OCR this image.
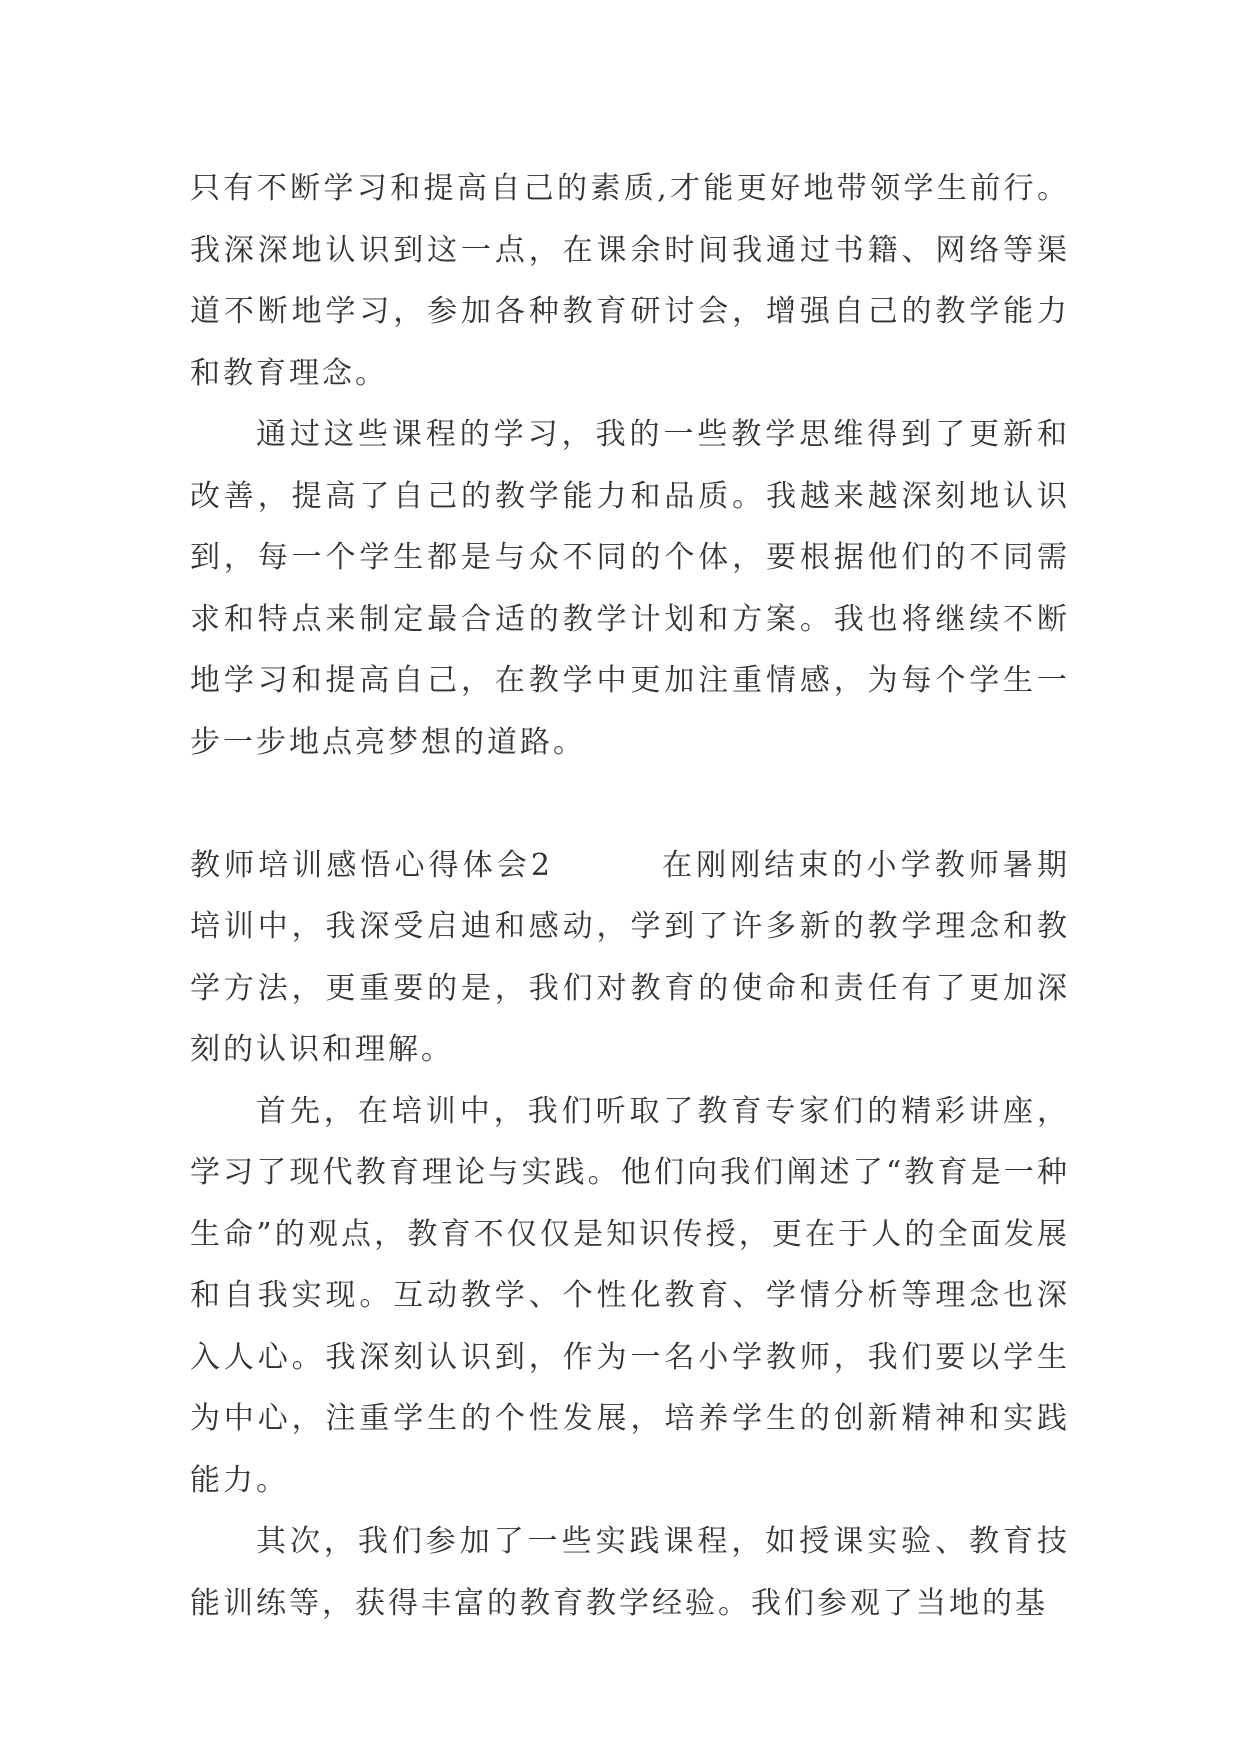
只有不断学习和提高自己的素质,才能更好地带领学生前行。我深深地认识到这一点，在课余时间我通过书籍、网络等渠道不断地学习，参加各种教育研讨会，增强自己的教学能力和教育理念。

通过这些课程的学习，我的一些教学思维得到了更新和改善，提高了自己的教学能力和品质。我越来越深刻地认识到，每一个学生都是与众不同的个体，要根据他们的不同需求和特点来制定最合适的教学计划和方案。我也将继续不断地学习和提高自己，在教学中更加注重情感，为每个学生一步一步地点亮梦想的道路。

教师培训感悟心得体会2	在刚刚结束的小学教师暑期培训中，我深受启迪和感动，学到了许多新的教学理念和教学方法，更重要的是，我们对教育的使命和责任有了更加深刻的认识和理解。

首先，在培训中，我们听取了教育专家们的精彩讲座，学习了现代教育理论与实践。他们向我们阐述了“教育是一种生命”的观点，教育不仅仅是知识传授，更在于人的全面发展和自我实现。互动教学、个性化教育、学情分析等理念也深入人心。我深刻认识到，作为一名小学教师，我们要以学生为中心，注重学生的个性发展，培养学生的创新精神和实践能力。

其次，我们参加了一些实践课程，如授课实验、教育技能训练等，获得丰富的教育教学经验。我们参观了当地的基
